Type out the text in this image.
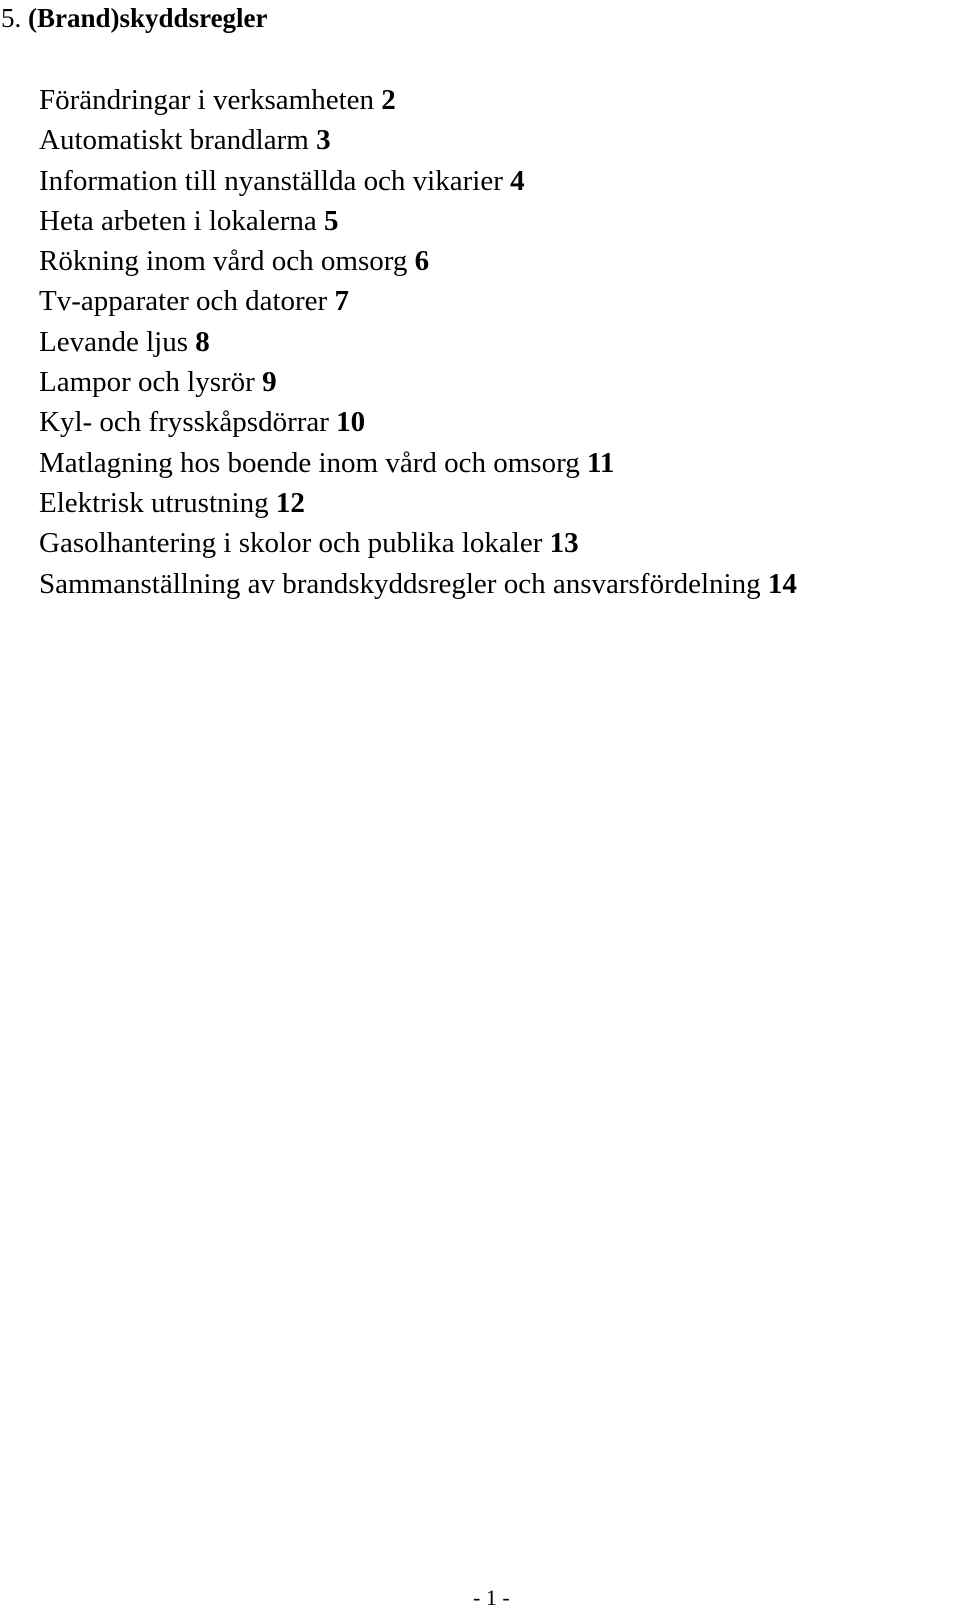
5. (Brand)skyddsregler
Förändringar i verksamheten 2
Automatiskt brandlarm 3
Information till nyanställda och vikarier 4
Heta arbeten i lokalerna 5
Rökning inom vård och omsorg 6
Tv-apparater och datorer 7
Levande ljus 8
Lampor och lysrör 9
Kyl- och frysskåpsdörrar 10
Matlagning hos boende inom vård och omsorg 11
Elektrisk utrustning 12
Gasolhantering i skolor och publika lokaler 13
Sammanställning av brandskyddsregler och ansvarsfördelning 14
- 1 -
